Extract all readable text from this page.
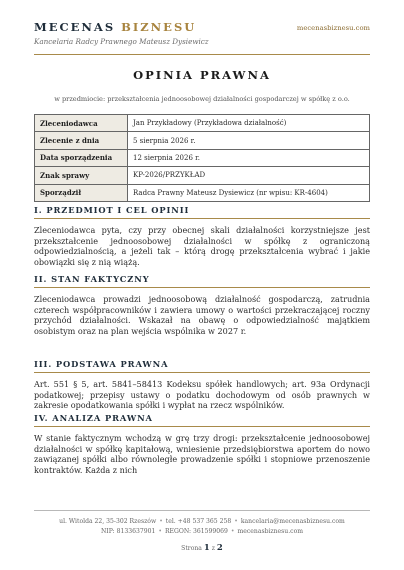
MECENAS BIZNESU
Kancelaria Radcy Prawnego Mateusz Dysiewicz
mecenasbiznesu.com
OPINIA PRAWNA
w przedmiocie: przekształcenia jednoosobowej działalności gospodarczej w spółkę z o.o.
Zleceniodawca	Jan Przykładowy (Przykładowa działalność)
Zlecenie z dnia	5 sierpnia 2026 r.
Data sporządzenia	12 sierpnia 2026 r.
Znak sprawy	KP-2026/PRZYKŁAD
Sporządził	Radca Prawny Mateusz Dysiewicz (nr wpisu: KR-4604)
I. PRZEDMIOT I CEL OPINII
Zleceniodawca pyta, czy przy obecnej skali działalności korzystniejsze jest przekształcenie jednoosobowej działalności w spółkę z ograniczoną odpowiedzialnością, a jeżeli tak – którą drogę przekształcenia wybrać i jakie obowiązki się z nią wiążą.
II. STAN FAKTYCZNY
Zleceniodawca prowadzi jednoosobową działalność gospodarczą, zatrudnia czterech współpracowników i zawiera umowy o wartości przekraczającej roczny przychód działalności. Wskazał na obawę o odpowiedzialność majątkiem osobistym oraz na plan wejścia wspólnika w 2027 r.
III. PODSTAWA PRAWNA
Art. 551 § 5, art. 5841–58413 Kodeksu spółek handlowych; art. 93a Ordynacji podatkowej; przepisy ustawy o podatku dochodowym od osób prawnych w zakresie opodatkowania spółki i wypłat na rzecz wspólników.
IV. ANALIZA PRAWNA
W stanie faktycznym wchodzą w grę trzy drogi: przekształcenie jednoosobowej działalności w spółkę kapitałową, wniesienie przedsiębiorstwa aportem do nowo zawiązanej spółki albo równoległe prowadzenie spółki i stopniowe przenoszenie kontraktów. Każda z nich
ul. Witolda 22, 35-302 Rzeszów • tel. +48 537 365 258 • kancelaria@mecenasbiznesu.com
NIP: 8133637901 • REGON: 361599069 • mecenasbiznesu.com
Strona 1 z 2
